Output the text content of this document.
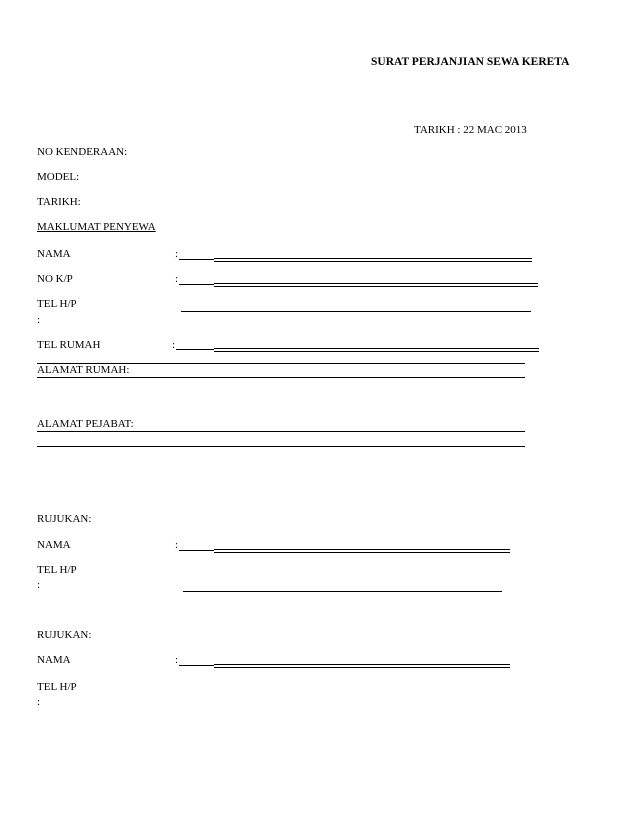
SURAT PERJANJIAN SEWA KERETA
TARIKH : 22 MAC 2013
NO KENDERAAN:
MODEL:
TARIKH:
MAKLUMAT PENYEWA
NAMA	:
NO K/P	:
TEL H/P
:
TEL RUMAH	:
ALAMAT RUMAH:
ALAMAT PEJABAT:
RUJUKAN:
NAMA	:
TEL H/P
:
RUJUKAN:
NAMA	:
TEL H/P
:
